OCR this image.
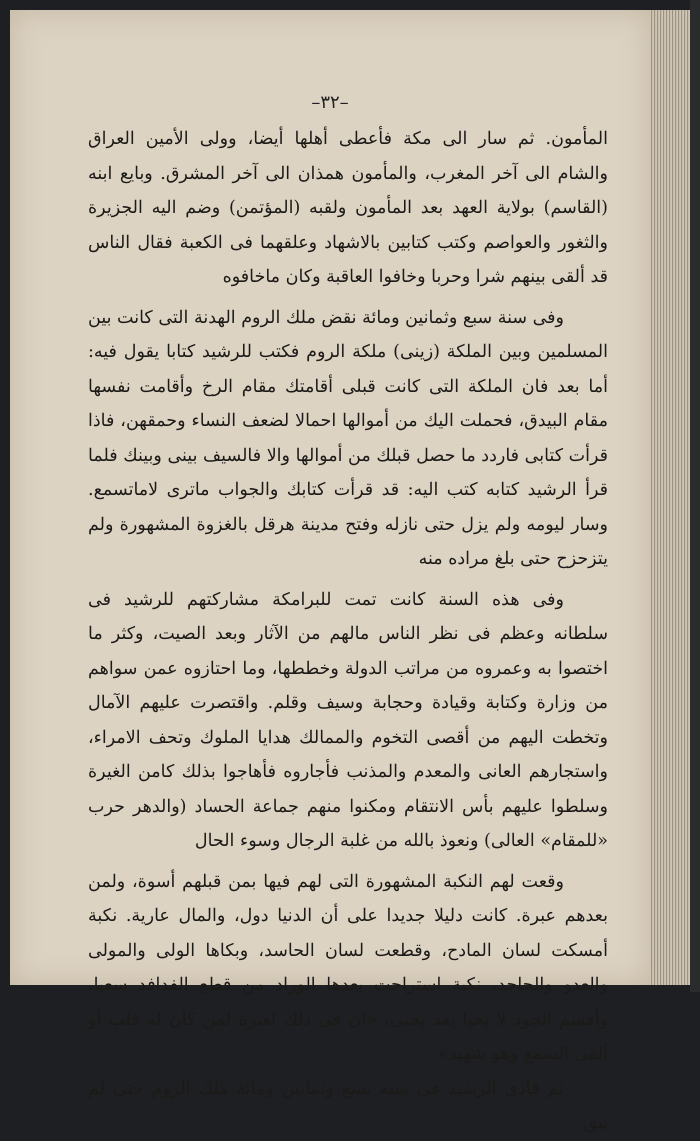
–٣٢–

المأمون. ثم سار الى مكة فأعطى أهلها أيضا، وولى الأمين العراق والشام الى آخر المغرب، والمأمون همذان الى آخر المشرق. وبايع ابنه (القاسم) بولاية العهد بعد المأمون ولقبه (المؤتمن) وضم اليه الجزيرة والثغور والعواصم وكتب كتابين بالاشهاد وعلقهما فى الكعبة فقال الناس قد ألقى بينهم شرا وحربا وخافوا العاقبة وكان ماخافوه

وفى سنة سبع وثمانين ومائة نقض ملك الروم الهدنة التى كانت بين المسلمين وبين الملكة (زينى) ملكة الروم فكتب للرشيد كتابا يقول فيه: أما بعد فان الملكة التى كانت قبلى أقامتك مقام الرخ وأقامت نفسها مقام البيدق، فحملت اليك من أموالها احمالا لضعف النساء وحمقهن، فاذا قرأت كتابى فاردد ما حصل قبلك من أموالها والا فالسيف بينى وبينك فلما قرأ الرشيد كتابه كتب اليه: قد قرأت كتابك والجواب ماترى لاماتسمع. وسار ليومه ولم يزل حتى نازله وفتح مدينة هرقل بالغزوة المشهورة ولم يتزحزح حتى بلغ مراده منه

وفى هذه السنة كانت تمت للبرامكة مشاركتهم للرشيد فى سلطانه وعظم فى نظر الناس مالهم من الآثار وبعد الصيت، وكثر ما اختصوا به وعمروه من مراتب الدولة وخططها، وما احتازوه عمن سواهم من وزارة وكتابة وقيادة وحجابة وسيف وقلم. واقتصرت عليهم الآمال وتخطت اليهم من أقصى التخوم والممالك هدايا الملوك وتحف الامراء، واستجارهم العانى والمعدم والمذنب فأجاروه فأهاجوا بذلك كامن الغيرة وسلطوا عليهم بأس الانتقام ومكنوا منهم جماعة الحساد (والدهر حرب «للمقام» العالى) ونعوذ بالله من غلبة الرجال وسوء الحال

وقعت لهم النكبة المشهورة التى لهم فيها بمن قبلهم أسوة، ولمن بعدهم عبرة. كانت دليلا جديدا على أن الدنيا دول، والمال عارية. نكبة أمسكت لسان المادح، وقطعت لسان الحاسد، وبكاها الولى والمولى والعدو والجاحد. نكبة استراحت بعدها الوراد من قطع الفدافد سعيا، وأقسم الجود لا يحيا بعد يحيى، «ان فى ذلك لعبرة لمن كان له قلب أو ألقى السمع وهو شهيد»

ثم فادى الرشيد فى سنة تسع وثمانين ومائة ملك الروم حتى لم يبق
